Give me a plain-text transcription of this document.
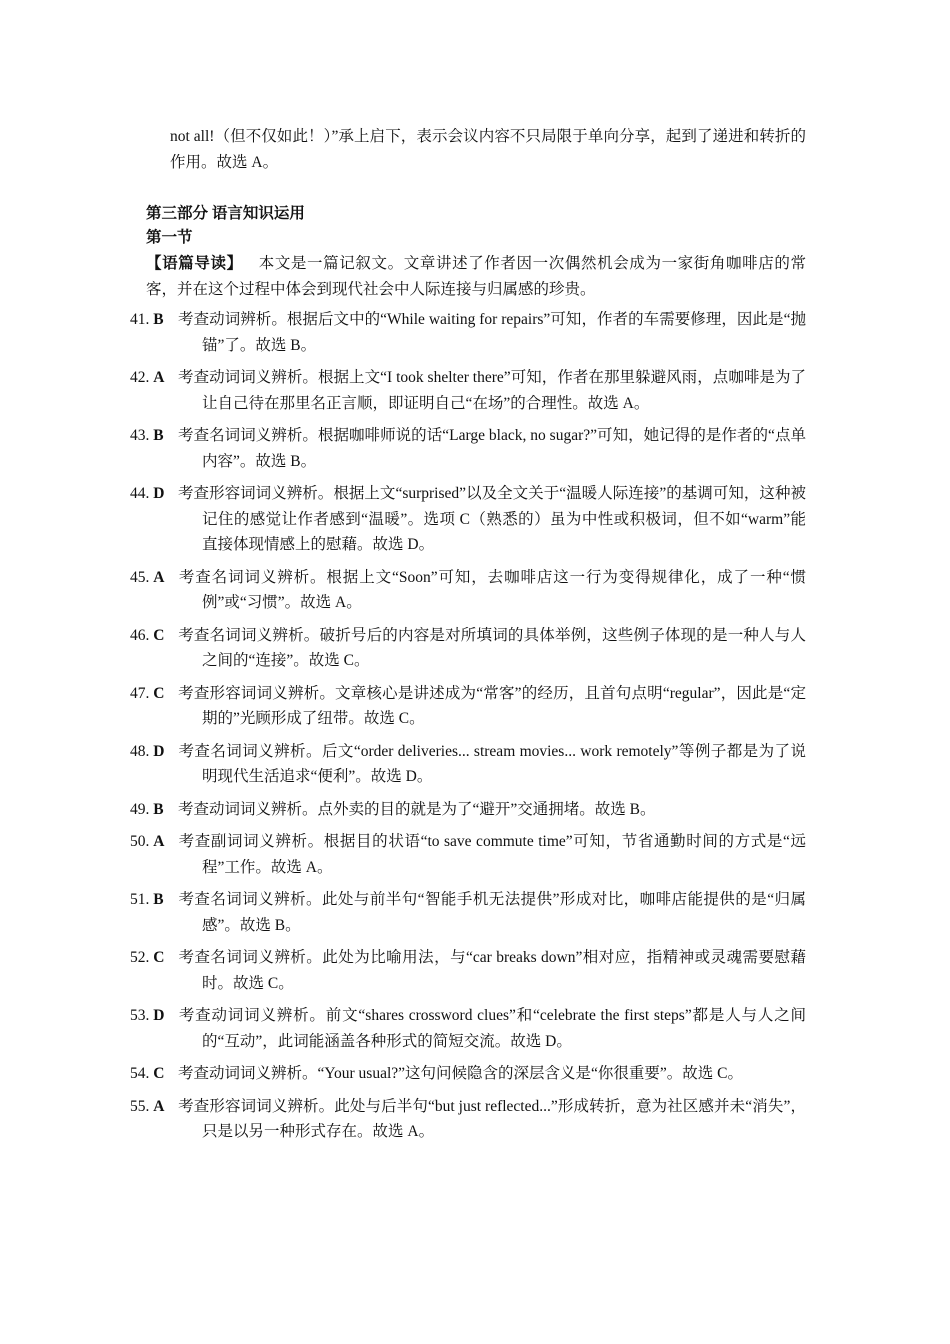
not all!（但不仅如此！）”承上启下，表示会议内容不只局限于单向分享，起到了递进和转折的作用。故选 A。

第三部分 语言知识运用

第一节

【语篇导读】 本文是一篇记叙文。文章讲述了作者因一次偶然机会成为一家街角咖啡店的常客，并在这个过程中体会到现代社会中人际连接与归属感的珍贵。

41. B 考查动词辨析。根据后文中的“While waiting for repairs”可知，作者的车需要修理，因此是“抛锚”了。故选 B。

42. A 考查动词词义辨析。根据上文“I took shelter there”可知，作者在那里躲避风雨，点咖啡是为了让自己待在那里名正言顺，即证明自己“在场”的合理性。故选 A。

43. B 考查名词词义辨析。根据咖啡师说的话“Large black, no sugar?”可知，她记得的是作者的“点单内容”。故选 B。

44. D 考查形容词词义辨析。根据上文“surprised”以及全文关于“温暖人际连接”的基调可知，这种被记住的感觉让作者感到“温暖”。选项 C（熟悉的）虽为中性或积极词，但不如“warm”能直接体现情感上的慰藉。故选 D。

45. A 考查名词词义辨析。根据上文“Soon”可知，去咖啡店这一行为变得规律化，成了一种“惯例”或“习惯”。故选 A。

46. C 考查名词词义辨析。破折号后的内容是对所填词的具体举例，这些例子体现的是一种人与人之间的“连接”。故选 C。

47. C 考查形容词词义辨析。文章核心是讲述成为“常客”的经历，且首句点明“regular”，因此是“定期的”光顾形成了纽带。故选 C。

48. D 考查名词词义辨析。后文“order deliveries... stream movies... work remotely”等例子都是为了说明现代生活追求“便利”。故选 D。

49. B 考查动词词义辨析。点外卖的目的就是为了“避开”交通拥堵。故选 B。

50. A 考查副词词义辨析。根据目的状语“to save commute time”可知，节省通勤时间的方式是“远程”工作。故选 A。

51. B 考查名词词义辨析。此处与前半句“智能手机无法提供”形成对比，咖啡店能提供的是“归属感”。故选 B。

52. C 考查名词词义辨析。此处为比喻用法，与“car breaks down”相对应，指精神或灵魂需要慰藉时。故选 C。

53. D 考查动词词义辨析。前文“shares crossword clues”和“celebrate the first steps”都是人与人之间的“互动”，此词能涵盖各种形式的简短交流。故选 D。

54. C 考查动词词义辨析。“Your usual?”这句问候隐含的深层含义是“你很重要”。故选 C。

55. A 考查形容词词义辨析。此处与后半句“but just reflected...”形成转折，意为社区感并未“消失”，只是以另一种形式存在。故选 A。
